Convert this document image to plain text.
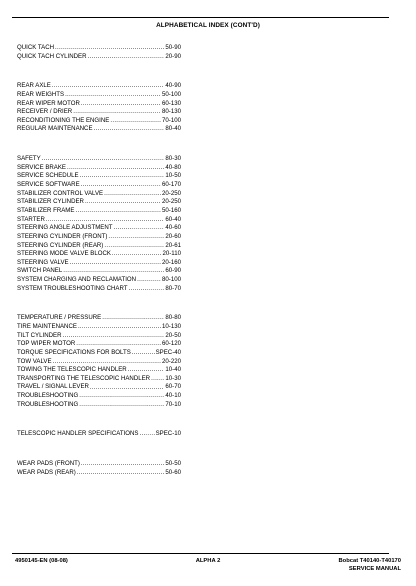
ALPHABETICAL INDEX (CONT'D)
QUICK TACH .....	50-90
QUICK TACH CYLINDER .....	20-90
REAR AXLE .....	40-90
REAR WEIGHTS .....	50-100
REAR WIPER MOTOR .....	60-130
RECEIVER / DRIER .....	80-130
RECONDITIONING THE ENGINE .....	70-100
REGULAR MAINTENANCE .....	80-40
SAFETY .....	80-30
SERVICE BRAKE .....	40-80
SERVICE SCHEDULE .....	10-50
SERVICE SOFTWARE .....	60-170
STABILIZER CONTROL VALVE .....	20-250
STABILIZER CYLINDER .....	20-250
STABILIZER FRAME .....	50-160
STARTER .....	60-40
STEERING ANGLE ADJUSTMENT .....	40-60
STEERING CYLINDER (FRONT) .....	20-60
STEERING CYLINDER (REAR) .....	20-61
STEERING MODE VALVE BLOCK .....	20-110
STEERING VALVE .....	20-160
SWITCH PANEL .....	60-90
SYSTEM CHARGING AND RECLAMATION .....	80-100
SYSTEM TROUBLESHOOTING CHART .....	80-70
TEMPERATURE / PRESSURE .....	80-80
TIRE MAINTENANCE .....	10-130
TILT CYLINDER .....	20-50
TOP WIPER MOTOR .....	60-120
TORQUE SPECIFICATIONS FOR BOLTS .....	SPEC-40
TOW VALVE .....	20-220
TOWING THE TELESCOPIC HANDLER .....	10-40
TRANSPORTING THE TELESCOPIC HANDLER .....	10-30
TRAVEL / SIGNAL LEVER .....	60-70
TROUBLESHOOTING .....	40-10
TROUBLESHOOTING .....	70-10
TELESCOPIC HANDLER SPECIFICATIONS .....	SPEC-10
WEAR PADS (FRONT) .....	50-50
WEAR PADS (REAR) .....	50-60
4950145-EN (08-08)	ALPHA 2	Bobcat T40140-T40170
SERVICE MANUAL
